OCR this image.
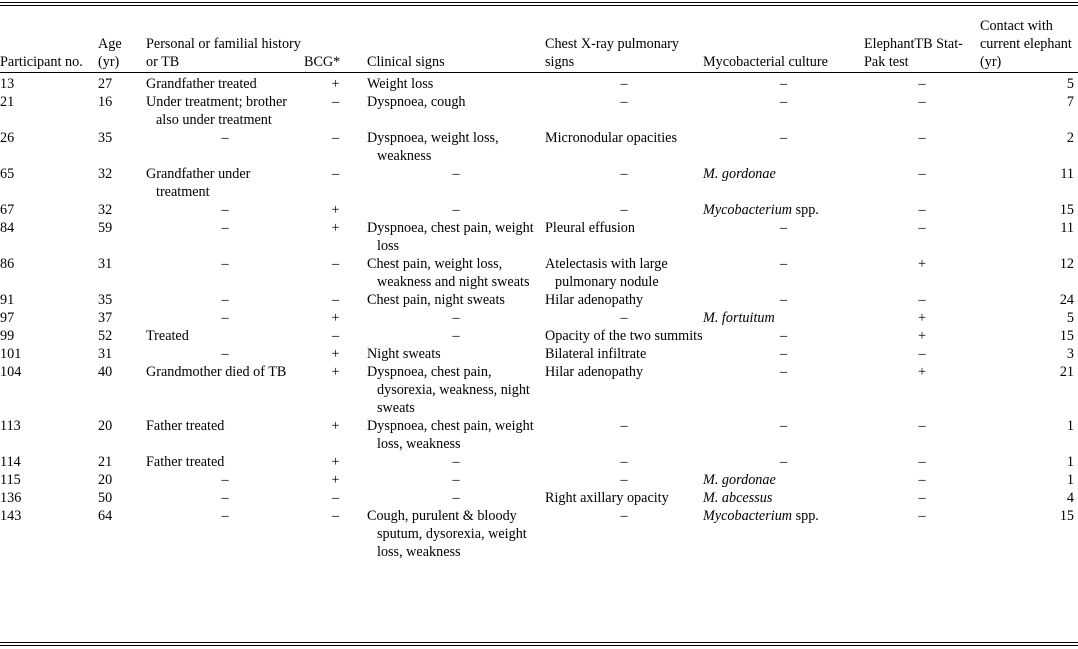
Participant no.	Age (yr)	Personal or familial history or TB	BCG*	Clinical signs	Chest X-ray pulmonary signs	Mycobacterial culture	ElephantTB Stat-Pak test	Contact with current elephant (yr)
13	27	Grandfather treated	+	Weight loss	–	–	–	5
21	16	Under treatment; brother also under treatment	–	Dyspnoea, cough	–	–	–	7
26	35	–	–	Dyspnoea, weight loss, weakness	Micronodular opacities	–	–	2
65	32	Grandfather under treatment	–	–	–	M. gordonae	–	11
67	32	–	+	–	–	Mycobacterium spp.	–	15
84	59	–	+	Dyspnoea, chest pain, weight loss	Pleural effusion	–	–	11
86	31	–	–	Chest pain, weight loss, weakness and night sweats	Atelectasis with large pulmonary nodule	–	+	12
91	35	–	–	Chest pain, night sweats	Hilar adenopathy	–	–	24
97	37	–	+	–	–	M. fortuitum	+	5
99	52	Treated	–	–	Opacity of the two summits	–	+	15
101	31	–	+	Night sweats	Bilateral infiltrate	–	–	3
104	40	Grandmother died of TB	+	Dyspnoea, chest pain, dysorexia, weakness, night sweats	Hilar adenopathy	–	+	21
113	20	Father treated	+	Dyspnoea, chest pain, weight loss, weakness	–	–	–	1
114	21	Father treated	+	–	–	–	–	1
115	20	–	+	–	–	M. gordonae	–	1
136	50	–	–	–	Right axillary opacity	M. abcessus	–	4
143	64	–	–	Cough, purulent & bloody sputum, dysorexia, weight loss, weakness	–	Mycobacterium spp.	–	15
